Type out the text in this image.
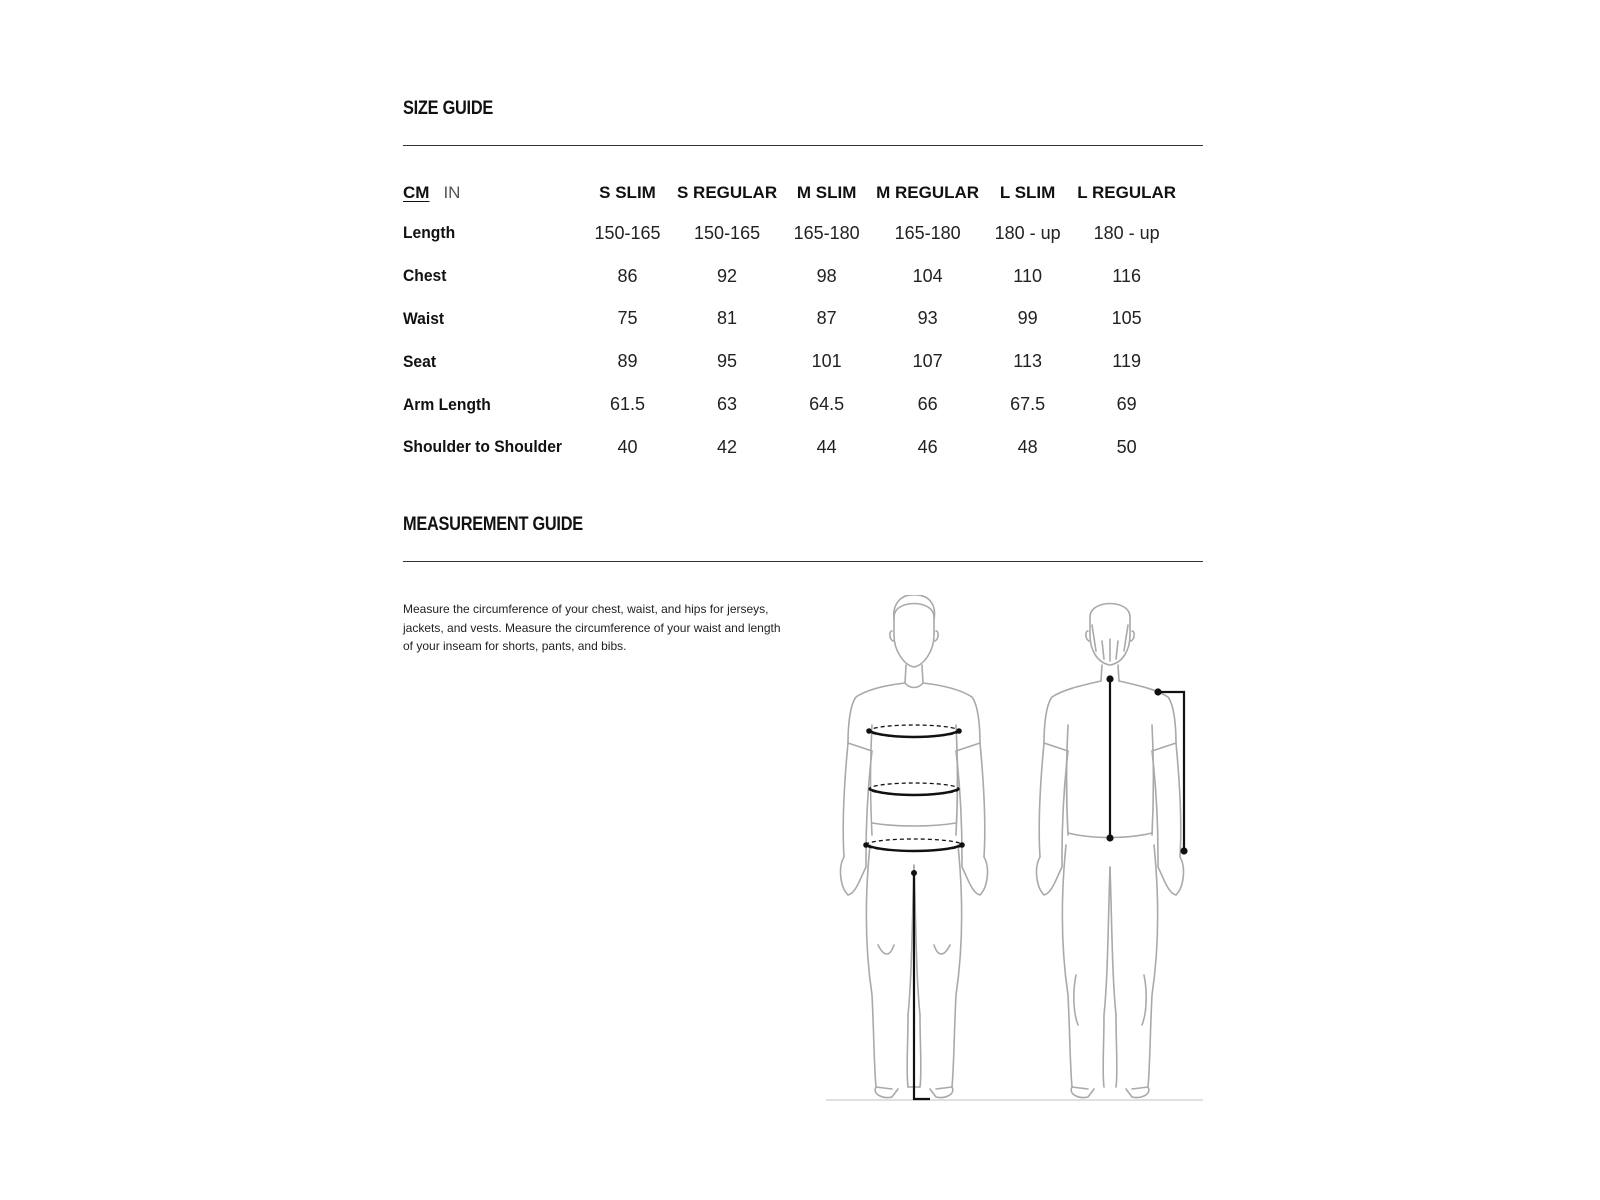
SIZE GUIDE
CM IN	S SLIM	S REGULAR	M SLIM	M REGULAR	L SLIM	L REGULAR
Length	150-165	150-165	165-180	165-180	180 - up	180 - up
Chest	86	92	98	104	110	116
Waist	75	81	87	93	99	105
Seat	89	95	101	107	113	119
Arm Length	61.5	63	64.5	66	67.5	69
Shoulder to Shoulder	40	42	44	46	48	50
MEASUREMENT GUIDE

Measure the circumference of your chest, waist, and hips for jerseys, jackets, and vests. Measure the circumference of your waist and length of your inseam for shorts, pants, and bibs.
